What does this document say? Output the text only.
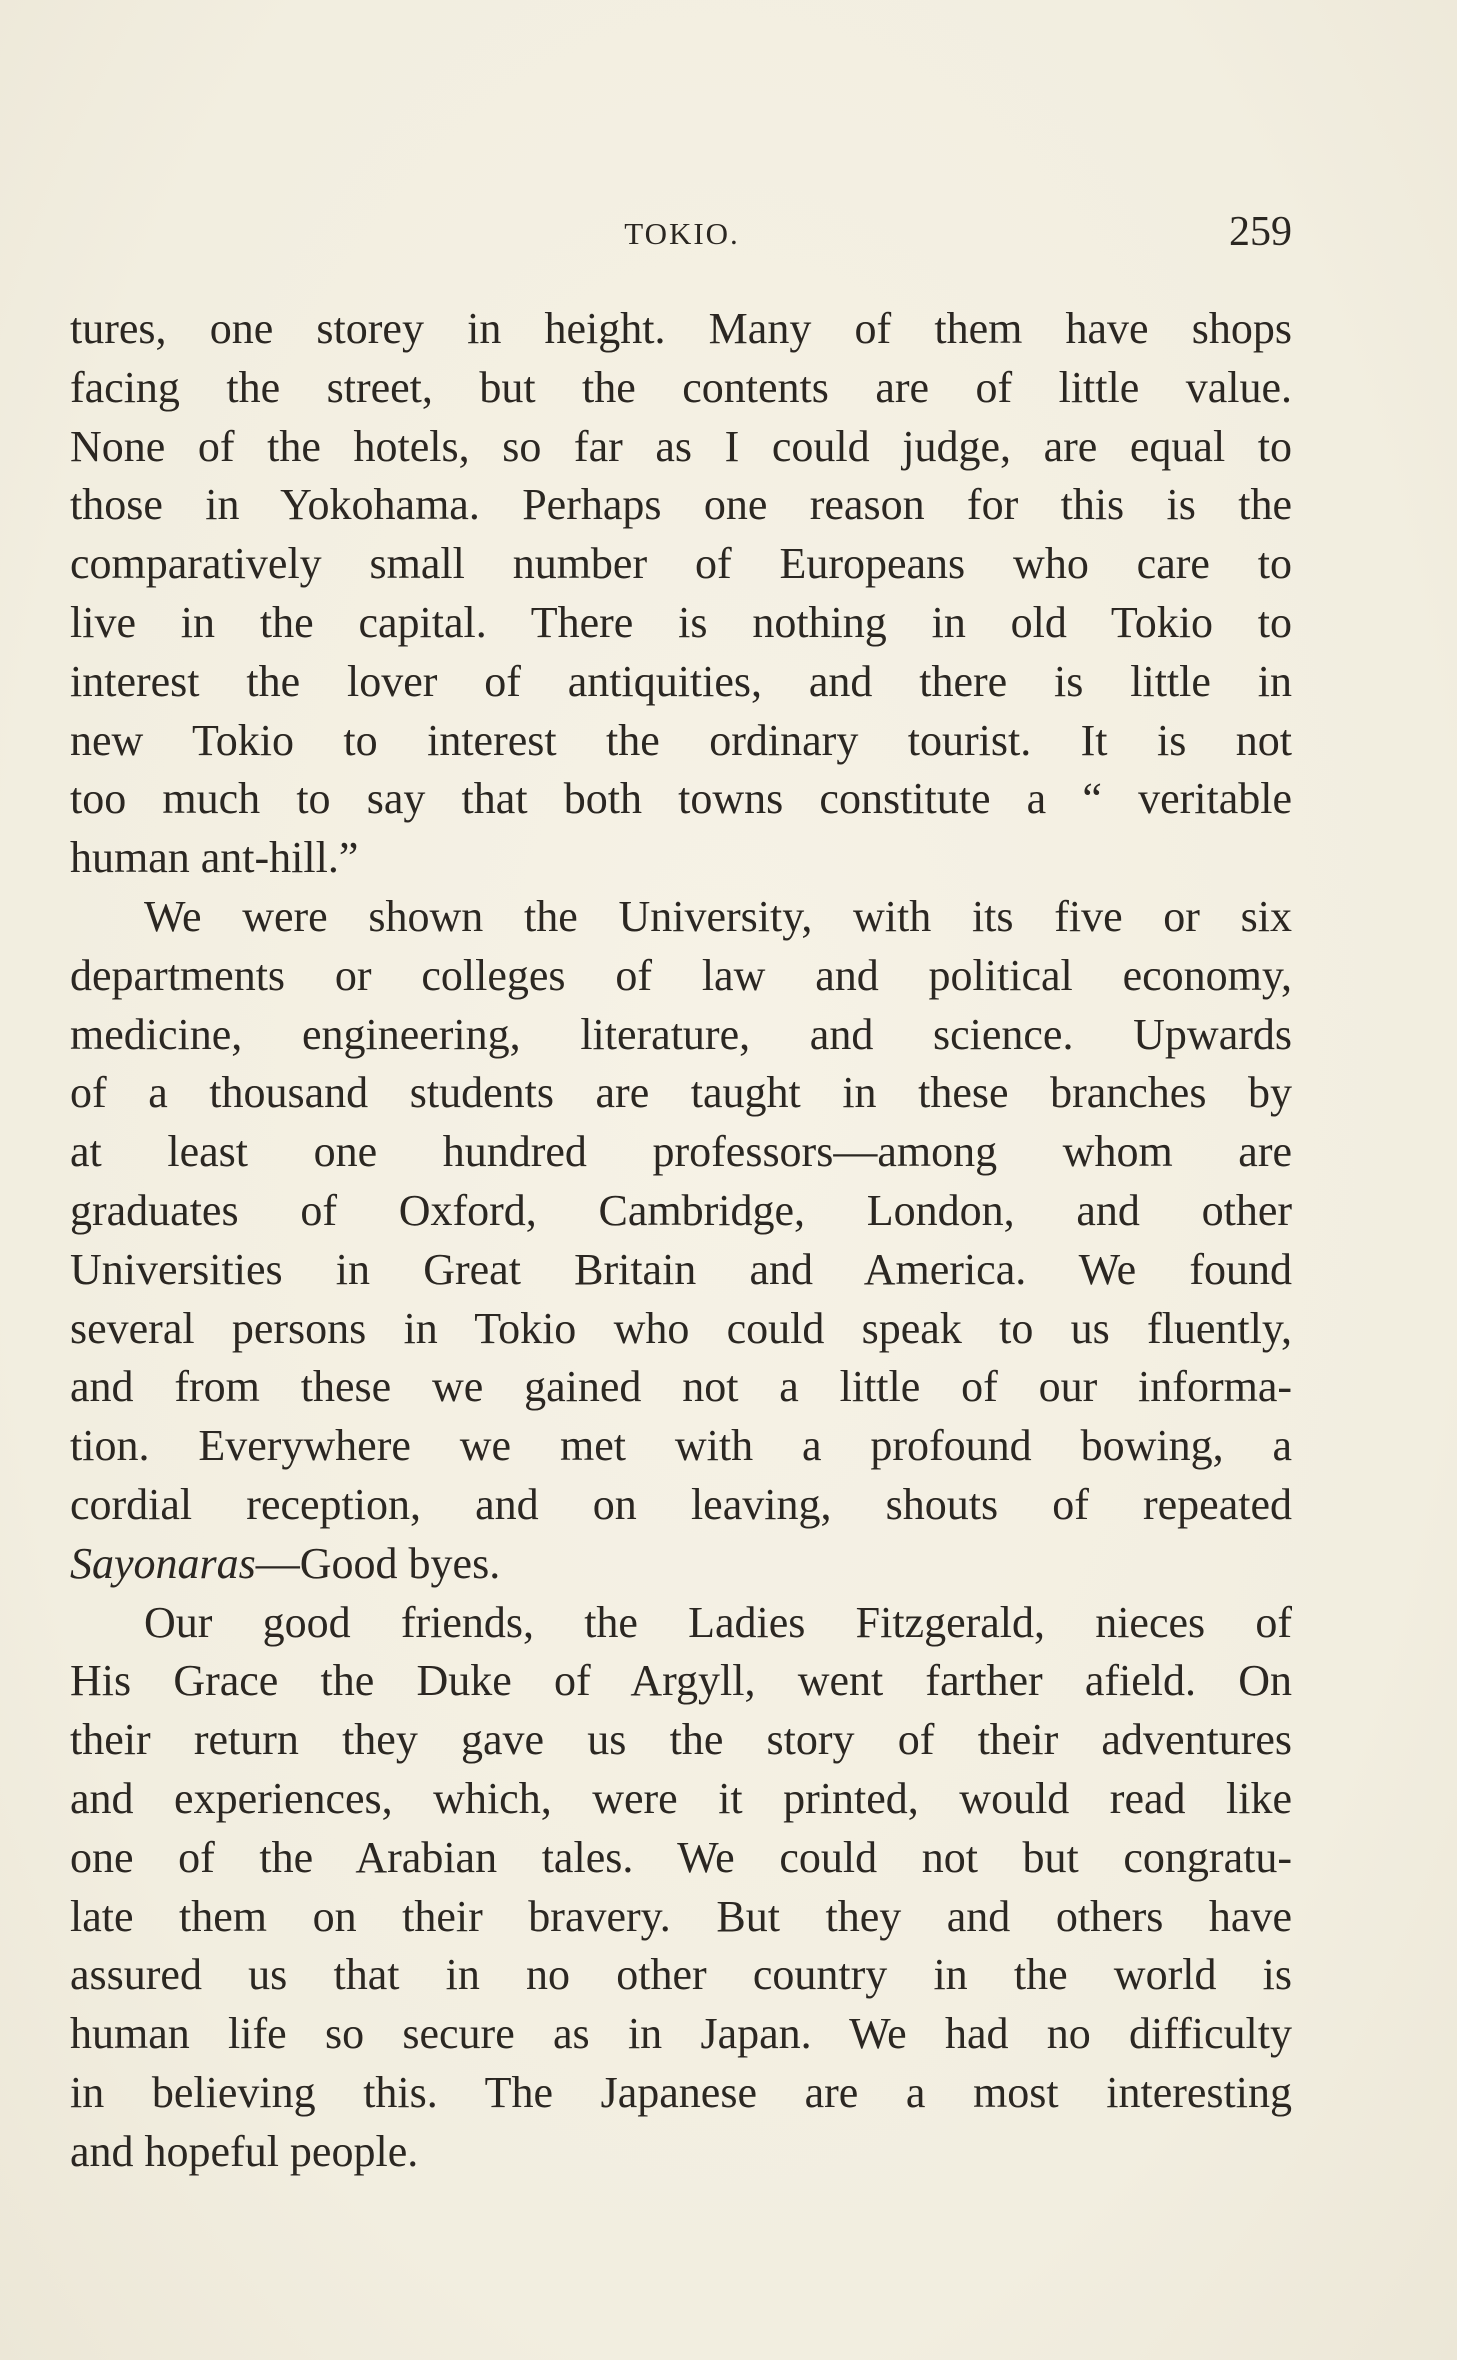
TOKIO.	259
tures, one storey in height. Many of them have shops
facing the street, but the contents are of little value.
None of the hotels, so far as I could judge, are equal to
those in Yokohama. Perhaps one reason for this is the
comparatively small number of Europeans who care to
live in the capital. There is nothing in old Tokio to
interest the lover of antiquities, and there is little in
new Tokio to interest the ordinary tourist. It is not
too much to say that both towns constitute a “ veritable
human ant-hill.”
We were shown the University, with its five or six
departments or colleges of law and political economy,
medicine, engineering, literature, and science. Upwards
of a thousand students are taught in these branches by
at least one hundred professors—among whom are
graduates of Oxford, Cambridge, London, and other
Universities in Great Britain and America. We found
several persons in Tokio who could speak to us fluently,
and from these we gained not a little of our informa-
tion. Everywhere we met with a profound bowing, a
cordial reception, and on leaving, shouts of repeated
Sayonaras—Good byes.
Our good friends, the Ladies Fitzgerald, nieces of
His Grace the Duke of Argyll, went farther afield. On
their return they gave us the story of their adventures
and experiences, which, were it printed, would read like
one of the Arabian tales. We could not but congratu-
late them on their bravery. But they and others have
assured us that in no other country in the world is
human life so secure as in Japan. We had no difficulty
in believing this. The Japanese are a most interesting
and hopeful people.
